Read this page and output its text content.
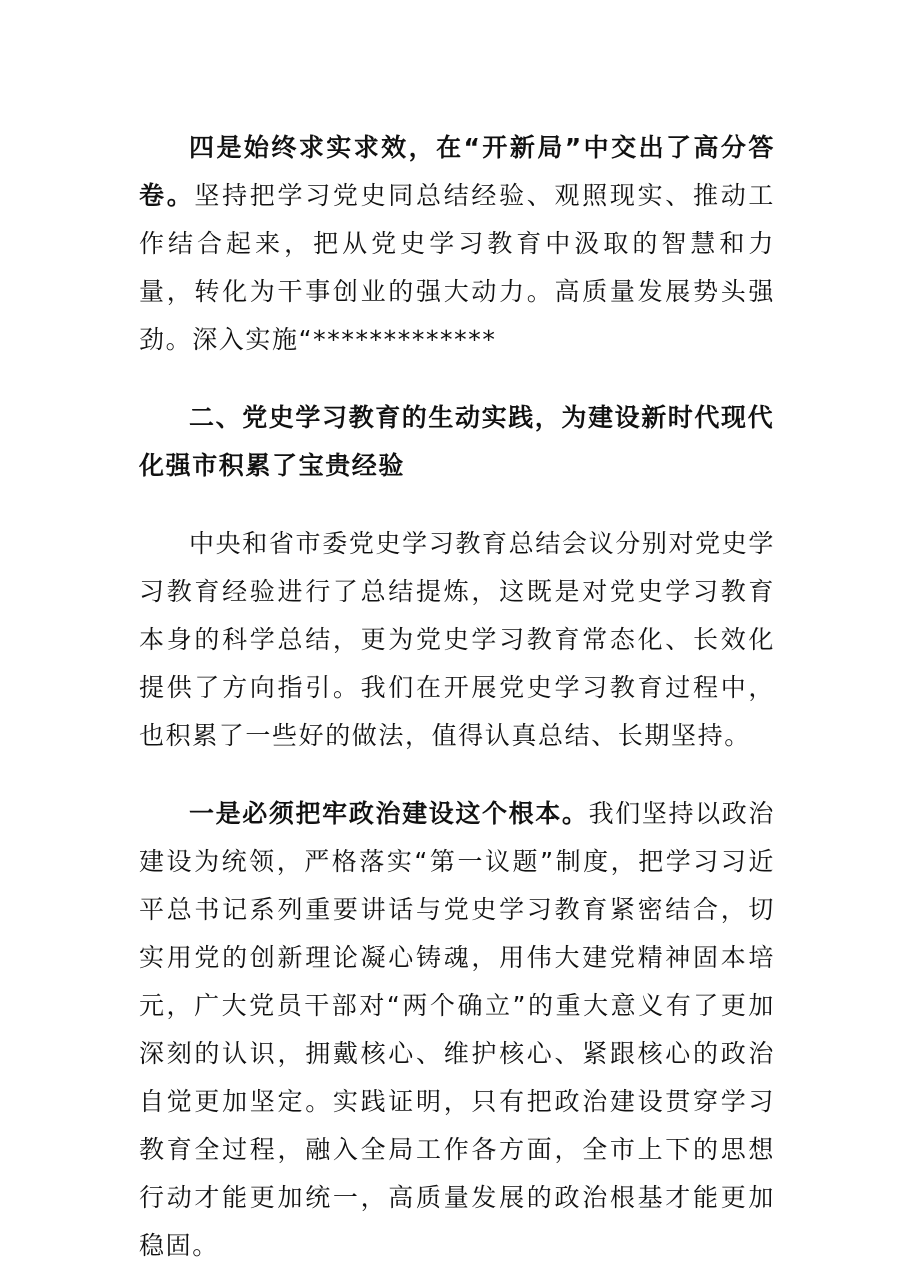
四是始终求实求效，在“开新局”中交出了高分答卷。坚持把学习党史同总结经验、观照现实、推动工作结合起来，把从党史学习教育中汲取的智慧和力量，转化为干事创业的强大动力。高质量发展势头强劲。深入实施“*************

二、党史学习教育的生动实践，为建设新时代现代化强市积累了宝贵经验

中央和省市委党史学习教育总结会议分别对党史学习教育经验进行了总结提炼，这既是对党史学习教育本身的科学总结，更为党史学习教育常态化、长效化提供了方向指引。我们在开展党史学习教育过程中，也积累了一些好的做法，值得认真总结、长期坚持。

一是必须把牢政治建设这个根本。我们坚持以政治建设为统领，严格落实“第一议题”制度，把学习习近平总书记系列重要讲话与党史学习教育紧密结合，切实用党的创新理论凝心铸魂，用伟大建党精神固本培元，广大党员干部对“两个确立”的重大意义有了更加深刻的认识，拥戴核心、维护核心、紧跟核心的政治自觉更加坚定。实践证明，只有把政治建设贯穿学习教育全过程，融入全局工作各方面，全市上下的思想行动才能更加统一，高质量发展的政治根基才能更加稳固。
